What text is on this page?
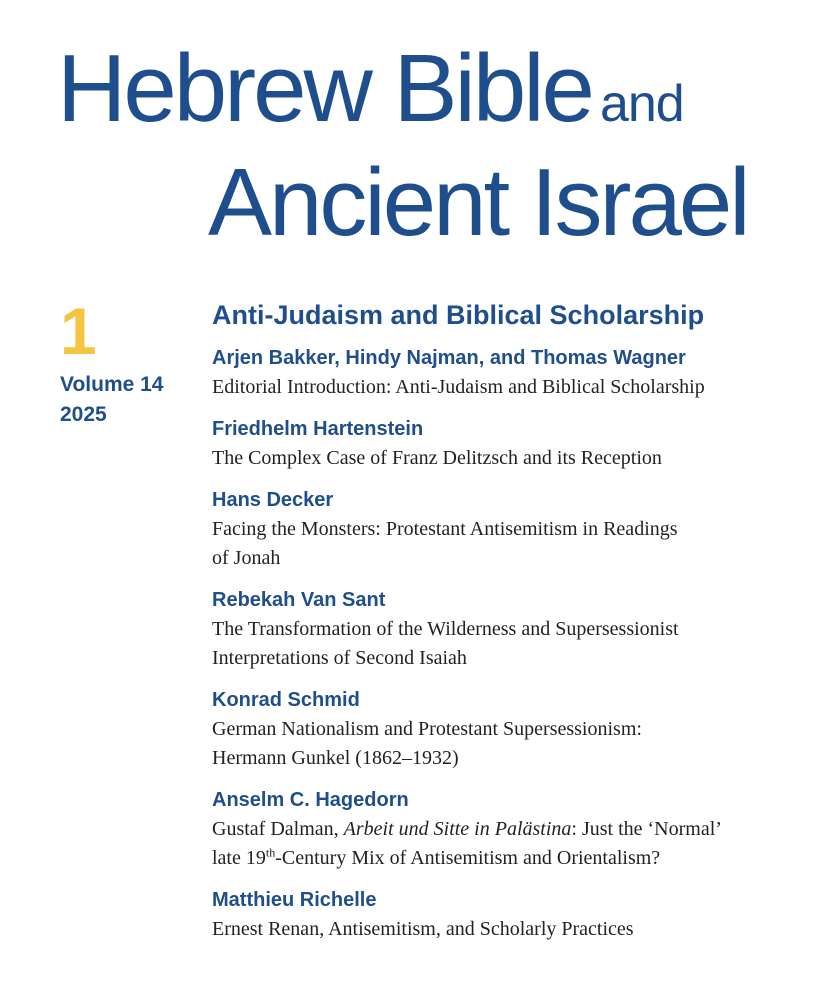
Hebrew Bible and
Ancient Israel
1
Volume 14
2025
Anti-Judaism and Biblical Scholarship
Arjen Bakker, Hindy Najman, and Thomas Wagner
Editorial Introduction: Anti-Judaism and Biblical Scholarship
Friedhelm Hartenstein
The Complex Case of Franz Delitzsch and its Reception
Hans Decker
Facing the Monsters: Protestant Antisemitism in Readings
of Jonah
Rebekah Van Sant
The Transformation of the Wilderness and Supersessionist
Interpretations of Second Isaiah
Konrad Schmid
German Nationalism and Protestant Supersessionism:
Hermann Gunkel (1862–1932)
Anselm C. Hagedorn
Gustaf Dalman, Arbeit und Sitte in Palästina: Just the ‘Normal’
late 19th-Century Mix of Antisemitism and Orientalism?
Matthieu Richelle
Ernest Renan, Antisemitism, and Scholarly Practices
